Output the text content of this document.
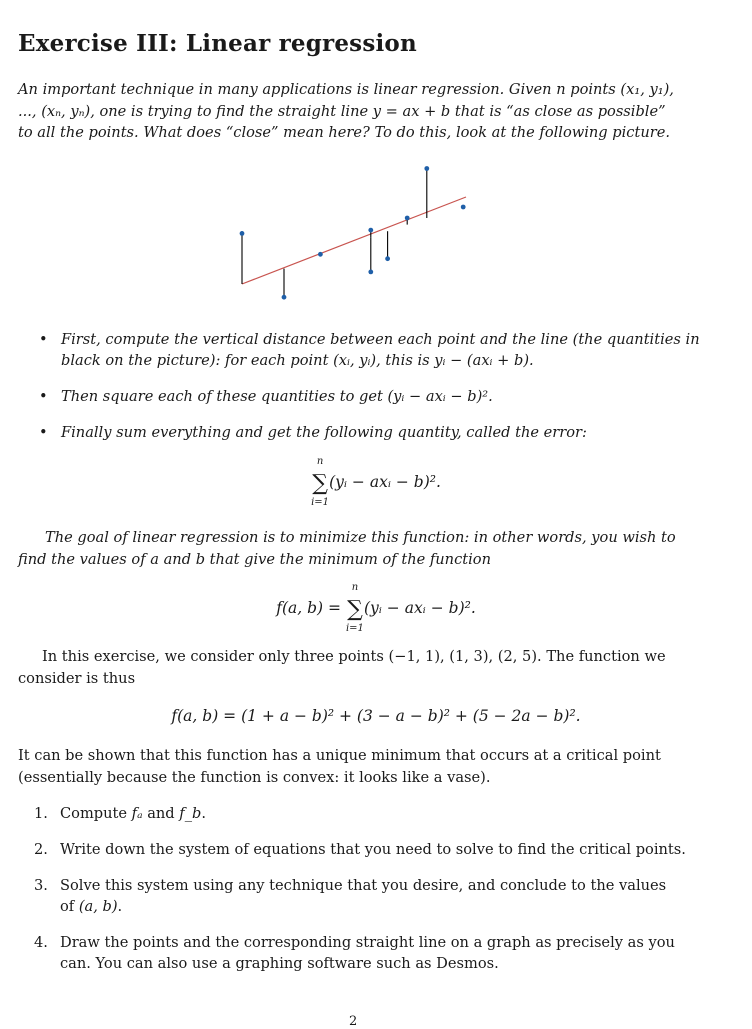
Exercise III: Linear regression

An important technique in many applications is linear regression. Given n points (x₁, y₁),
..., (xₙ, yₙ), one is trying to find the straight line y = ax + b that is “as close as possible”
to all the points. What does “close” mean here? To do this, look at the following picture.

• First, compute the vertical distance between each point and the line (the quantities in black on the picture): for each point (xᵢ, yᵢ), this is yᵢ − (axᵢ + b).
• Then square each of these quantities to get (yᵢ − axᵢ − b)².
• Finally sum everything and get the following quantity, called the error:
∑
n
i=1
(yᵢ − axᵢ − b)².

The goal of linear regression is to minimize this function: in other words, you wish to
find the values of a and b that give the minimum of the function

f(a, b) = ∑
n
i=1
(yᵢ − axᵢ − b)².

In this exercise, we consider only three points (−1, 1), (1, 3), (2, 5). The function we
consider is thus

f(a, b) = (1 + a − b)² + (3 − a − b)² + (5 − 2a − b)².

It can be shown that this function has a unique minimum that occurs at a critical point
(essentially because the function is convex: it looks like a vase).

1. Compute fₐ and f_b.
2. Write down the system of equations that you need to solve to find the critical points.
3. Solve this system using any technique that you desire, and conclude to the values
of (a, b).
4. Draw the points and the corresponding straight line on a graph as precisely as you
can. You can also use a graphing software such as Desmos.
2
